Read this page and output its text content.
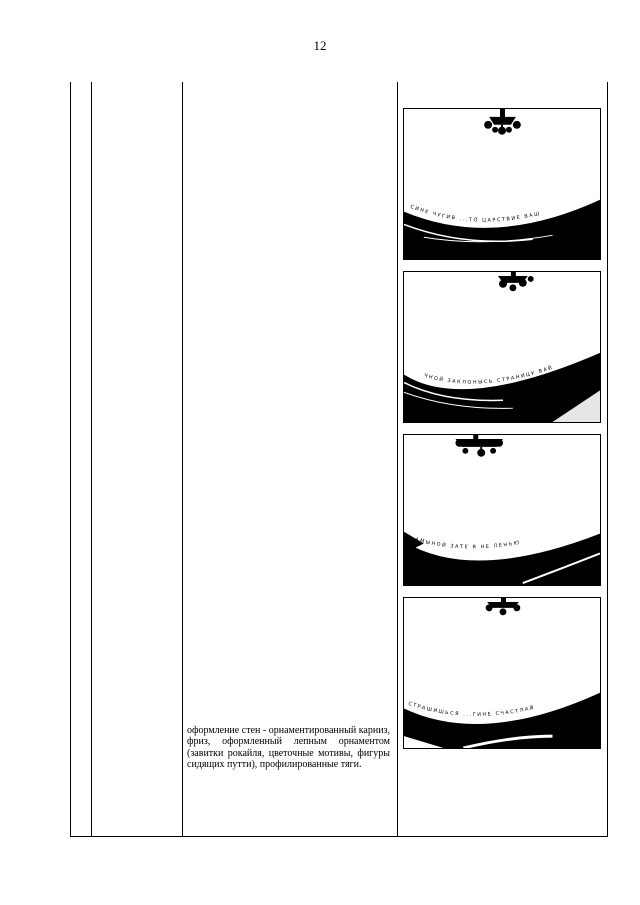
12
оформление стен - орнаментированный карниз, фриз, оформленный лепным орнаментом (завитки рокайля, цветочные мотивы, фигуры сидящих путти), профилированные тяги.
СИНЕ ЧУГИВ ...ТО ЦАРСТВИЕ ВАШ
ЧНОЙ ЗАКЛОНЫСЬ СТРАНИЦУ ВАЙ
...АМЫНОЙ ЗАТЕ Я НЕ ЛЕНЬЮ
СТРАШИШЬСЯ ...ГИНЕ СЧАСТЛАЙ
